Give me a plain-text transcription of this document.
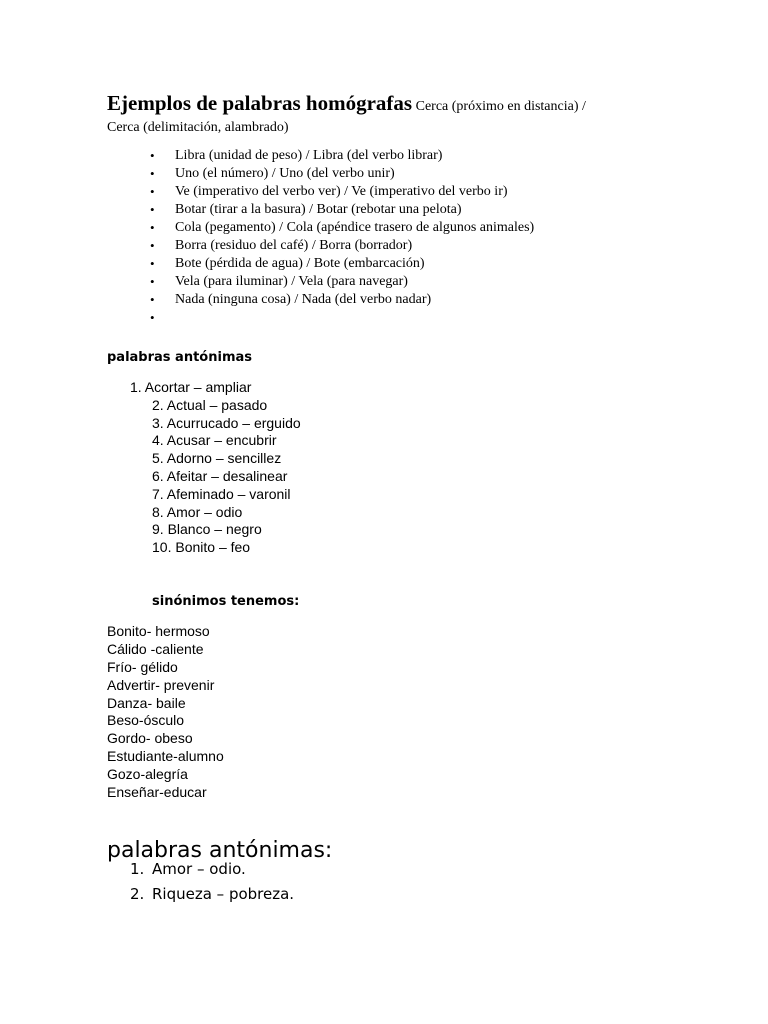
Ejemplos de palabras homógrafas Cerca (próximo en distancia) /
Cerca (delimitación, alambrado)
• Libra (unidad de peso) / Libra (del verbo librar)
• Uno (el número) / Uno (del verbo unir)
• Ve (imperativo del verbo ver) / Ve (imperativo del verbo ir)
• Botar (tirar a la basura) / Botar (rebotar una pelota)
• Cola (pegamento) / Cola (apéndice trasero de algunos animales)
• Borra (residuo del café) / Borra (borrador)
• Bote (pérdida de agua) / Bote (embarcación)
• Vela (para iluminar) / Vela (para navegar)
• Nada (ninguna cosa) / Nada (del verbo nadar)
•
palabras antónimas
1. Acortar – ampliar
2. Actual – pasado
3. Acurrucado – erguido
4. Acusar – encubrir
5. Adorno – sencillez
6. Afeitar – desalinear
7. Afeminado – varonil
8. Amor – odio
9. Blanco – negro
10. Bonito – feo
sinónimos tenemos:
Bonito- hermoso
Cálido -caliente
Frío- gélido
Advertir- prevenir
Danza- baile
Beso-ósculo
Gordo- obeso
Estudiante-alumno
Gozo-alegría
Enseñar-educar
palabras antónimas:
1. Amor – odio.
2. Riqueza – pobreza.
